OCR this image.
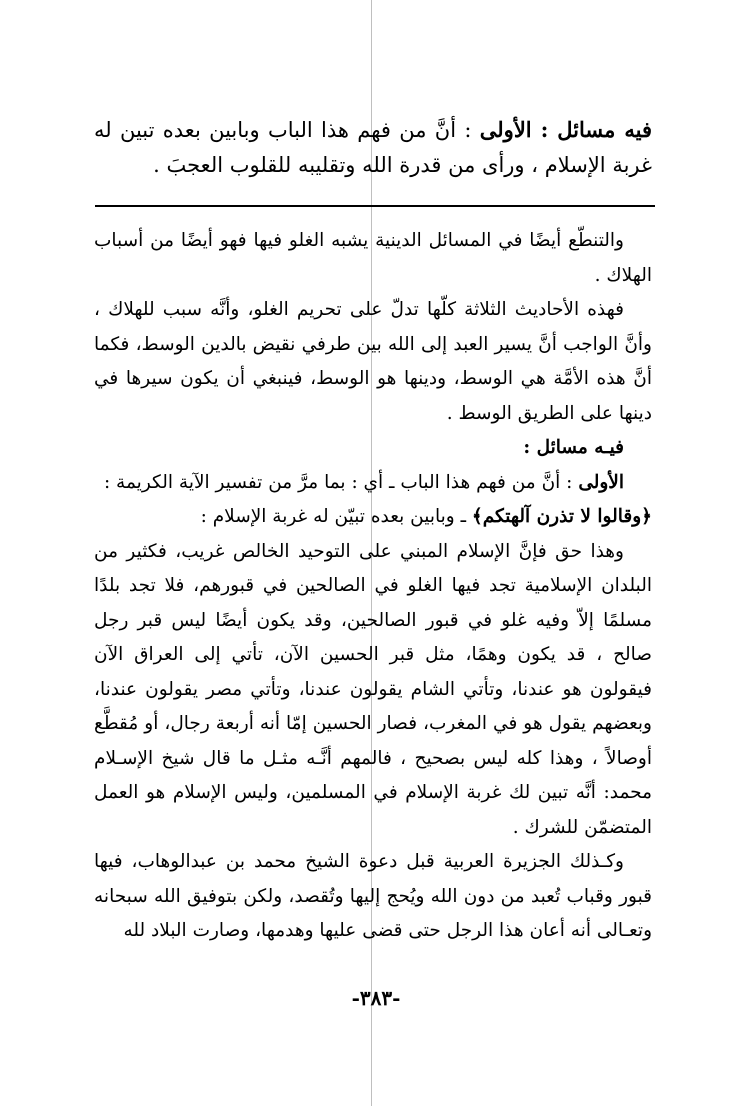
فيه مسائل : الأولى : أنَّ من فهم هذا الباب وبابين بعده تبين له غربة الإسلام ، ورأى من قدرة الله وتقليبه للقلوب العجبَ .

والتنطّع أيضًا في المسائل الدينية يشبه الغلو فيها فهو أيضًا من أسباب الهلاك .

فهذه الأحاديث الثلاثة كلّها تدلّ على تحريم الغلو، وأنَّه سبب للهلاك ، وأنَّ الواجب أنَّ يسير العبد إلى الله بين طرفي نقيض بالدين الوسط، فكما أنَّ هذه الأمَّة هي الوسط، ودينها هو الوسط، فينبغي أن يكون سيرها في دينها على الطريق الوسط .

فيـه مسائل :

الأولى : أنَّ من فهم هذا الباب ـ أي : بما مرَّ من تفسير الآية الكريمة :

﴿وقالوا لا تذرن آلهتكم﴾ ـ وبابين بعده تبيّن له غربة الإسلام :

وهذا حق فإنَّ الإسلام المبني على التوحيد الخالص غريب، فكثير من البلدان الإسلامية تجد فيها الغلو في الصالحين في قبورهم، فلا تجد بلدًا مسلمًا إلاّ وفيه غلو في قبور الصالحين، وقد يكون أيضًا ليس قبر رجل صالح ، قد يكون وهمًا، مثل قبر الحسين الآن، تأتي إلى العراق الآن فيقولون هو عندنا، وتأتي الشام يقولون عندنا، وتأتي مصر يقولون عندنا، وبعضهم يقول هو في المغرب، فصار الحسين إمّا أنه أربعة رجال، أو مُقطَّع أوصالاً ، وهذا كله ليس بصحيح ، فالمهم أنَّـه مثـل ما قال شيخ الإسـلام محمد: أنَّه تبين لك غربة الإسلام في المسلمين، وليس الإسلام هو العمل المتضمّن للشرك .

وكـذلك الجزيرة العربية قبل دعوة الشيخ محمد بن عبدالوهاب، فيها قبور وقباب تُعبد من دون الله ويُحج إليها وتُقصد، ولكن بتوفيق الله سبحانه وتعـالى أنه أعان هذا الرجل حتى قضى عليها وهدمها، وصارت البلاد لله

-٣٨٣-
